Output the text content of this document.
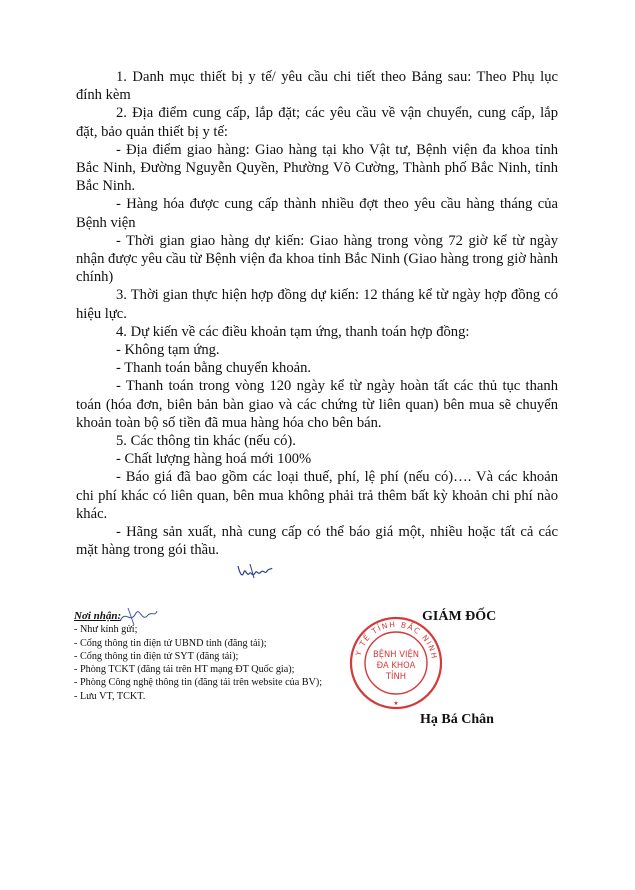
1. Danh mục thiết bị y tế/ yêu cầu chi tiết theo Bảng sau: Theo Phụ lục đính kèm

2. Địa điểm cung cấp, lắp đặt; các yêu cầu về vận chuyển, cung cấp, lắp đặt, bảo quản thiết bị y tế:

- Địa điểm giao hàng: Giao hàng tại kho Vật tư, Bệnh viện đa khoa tỉnh Bắc Ninh, Đường Nguyễn Quyền, Phường Võ Cường, Thành phố Bắc Ninh, tỉnh Bắc Ninh.

- Hàng hóa được cung cấp thành nhiều đợt theo yêu cầu hàng tháng của Bệnh viện

- Thời gian giao hàng dự kiến: Giao hàng trong vòng 72 giờ kể từ ngày nhận được yêu cầu từ Bệnh viện đa khoa tỉnh Bắc Ninh (Giao hàng trong giờ hành chính)

3. Thời gian thực hiện hợp đồng dự kiến: 12 tháng kể từ ngày hợp đồng có hiệu lực.

4. Dự kiến về các điều khoản tạm ứng, thanh toán hợp đồng:

- Không tạm ứng.

- Thanh toán bằng chuyển khoản.

- Thanh toán trong vòng 120 ngày kể từ ngày hoàn tất các thủ tục thanh toán (hóa đơn, biên bản bàn giao và các chứng từ liên quan) bên mua sẽ chuyển khoản toàn bộ số tiền đã mua hàng hóa cho bên bán.

5. Các thông tin khác (nếu có).

- Chất lượng hàng hoá mới 100%

- Báo giá đã bao gồm các loại thuế, phí, lệ phí (nếu có)…. Và các khoản chi phí khác có liên quan, bên mua không phải trả thêm bất kỳ khoản chi phí nào khác.

- Hãng sản xuất, nhà cung cấp có thể báo giá một, nhiều hoặc tất cả các mặt hàng trong gói thầu.

Nơi nhận:
- Như kính gửi;
- Cổng thông tin điện tử UBND tỉnh (đăng tải);
- Cổng thông tin điện tử SYT (đăng tải);
- Phòng TCKT (đăng tải trên HT mạng ĐT Quốc gia);
- Phòng Công nghệ thông tin (đăng tải trên website của BV);
- Lưu VT, TCKT.
GIÁM ĐỐC
Y TẾ TỈNH BẮC NINH
BỆNH VIỆN
ĐA KHOA
TỈNH
★
Hạ Bá Chân
